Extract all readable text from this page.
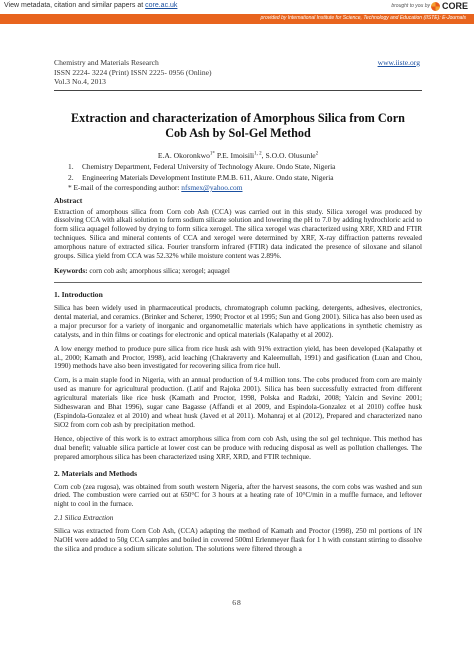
View metadata, citation and similar papers at core.ac.uk	brought to you by CORE
provided by International Institute for Science, Technology and Education (IISTE): E-Journals
Chemistry and Materials Research
ISSN 2224- 3224 (Print) ISSN 2225- 0956 (Online)
Vol.3 No.4, 2013
www.iiste.org
Extraction and characterization of Amorphous Silica from Corn
Cob Ash by Sol-Gel Method
E.A. Okoronkwo$^{1*}$ P.E. Imoisili$^{1, 2}$, S.O.O. Olusunle$^2$
1. Chemistry Department, Federal University of Technology Akure. Ondo State, Nigeria
2. Engineering Materials Development Institute P.M.B. 611, Akure. Ondo state, Nigeria
* E-mail of the corresponding author: nfsmex@yahoo.com
Abstract
Extraction of amorphous silica from Corn cob Ash (CCA) was carried out in this study. Silica xerogel was produced by dissolving CCA with alkali solution to form sodium silicate solution and lowering the pH to 7.0 by adding hydrochloric acid to form silica aquagel followed by drying to form silica xerogel. The silica xerogel was characterized using XRF, XRD and FTIR techniques. Silica and mineral contents of CCA and xerogel were determined by XRF, X-ray diffraction patterns revealed amorphous nature of extracted silica. Fourier transform infrared (FTIR) data indicated the presence of siloxane and silanol groups. Silica yield from CCA was 52.32% while moisture content was 2.89%.
Keywords: corn cob ash; amorphous silica; xerogel; aquagel
1. Introduction
Silica has been widely used in pharmaceutical products, chromatograph column packing, detergents, adhesives, electronics, dental material, and ceramics. (Brinker and Scherer, 1990; Proctor et al 1995; Sun and Gong 2001). Silica has also been used as a major precursor for a variety of inorganic and organometallic materials which have applications in synthetic chemistry as catalysts, and in thin films or coatings for electronic and optical materials (Kalapathy et al 2002).
A low energy method to produce pure silica from rice husk ash with 91% extraction yield, has been developed (Kalapathy et al., 2000; Kamath and Proctor, 1998), acid leaching (Chakraverty and Kaleemullah, 1991) and gasification (Luan and Chou, 1990) methods have also been investigated for recovering silica from rice hull.
Corn, is a main staple food in Nigeria, with an annual production of 9.4 million tons. The cobs produced from corn are mainly used as manure for agricultural production. (Latif and Rajoka 2001). Silica has been successfully extracted from different agricultural materials like rice husk (Kamath and Proctor, 1998, Polska and Radzki, 2008; Yalcin and Sevinc 2001; Sidheswaran and Bhat 1996), sugar cane Bagasse (Affandi et al 2009, and Espindola-Gonzalez et al 2010) coffee husk (Espindola-Gonzalez et al 2010) and wheat husk (Javed et al 2011). Mohanraj et al (2012), Prepared and characterized nano SiO2 from corn cob ash by precipitation method.
Hence, objective of this work is to extract amorphous silica from corn cob Ash, using the sol gel technique. This method has dual benefit; valuable silica particle at lower cost can be produce with reducing disposal as well as pollution challenges. The prepared amorphous silica has been characterized using XRF, XRD, and FTIR technique.
2. Materials and Methods
Corn cob (zea rugosa), was obtained from south western Nigeria, after the harvest seasons, the corn cobs was washed and sun dried. The combustion were carried out at 650°C for 3 hours at a heating rate of 10°C/min in a muffle furnace, and leftover night to cool in the furnace.
2.1 Silica Extraction
Silica was extracted from Corn Cob Ash, (CCA) adapting the method of Kamath and Proctor (1998), 250 ml portions of 1N NaOH were added to 50g CCA samples and boiled in covered 500ml Erlenmeyer flask for 1 h with constant stirring to dissolve the silica and produce a sodium silicate solution. The solutions were filtered through a
68
